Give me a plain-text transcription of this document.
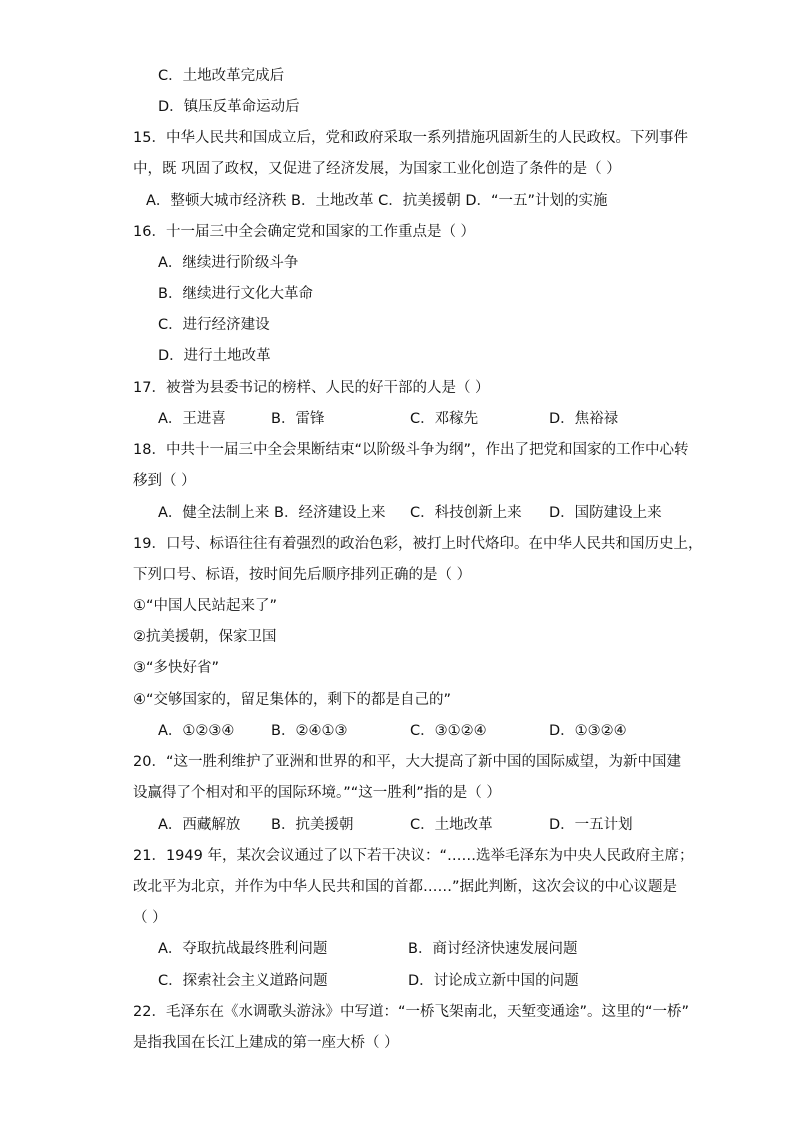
C．土地改革完成后
D．镇压反革命运动后
15．中华人民共和国成立后，党和政府采取一系列措施巩固新生的人民政权。下列事件
中，既 巩固了政权，又促进了经济发展，为国家工业化创造了条件的是（ ）
A．整顿大城市经济秩 B．土地改革 C．抗美援朝 D．“一五”计划的实施
16．十一届三中全会确定党和国家的工作重点是（ ）
A．继续进行阶级斗争
B．继续进行文化大革命
C．进行经济建设
D．进行土地改革
17．被誉为县委书记的榜样、人民的好干部的人是（ ）
A．王进喜	B．雷锋	C．邓稼先	D．焦裕禄
18．中共十一届三中全会果断结束“以阶级斗争为纲”，作出了把党和国家的工作中心转
移到（ ）
A．健全法制上来 B．经济建设上来 C．科技创新上来 D．国防建设上来
19．口号、标语往往有着强烈的政治色彩，被打上时代烙印。在中华人民共和国历史上，
下列口号、标语，按时间先后顺序排列正确的是（ ）
①“中国人民站起来了”
②抗美援朝，保家卫国
③“多快好省”
④“交够国家的，留足集体的，剩下的都是自己的”
A．①②③④	B．②④①③	C．③①②④	D．①③②④
20．“这一胜利维护了亚洲和世界的和平，大大提高了新中国的国际威望，为新中国建
设赢得了个相对和平的国际环境。”“这一胜利”指的是（ ）
A．西藏解放 B．抗美援朝	C．土地改革	D．一五计划
21．1949 年，某次会议通过了以下若干决议：“……选举毛泽东为中央人民政府主席；
改北平为北京，并作为中华人民共和国的首都……”据此判断，这次会议的中心议题是
（ ）
A．夺取抗战最终胜利问题	B．商讨经济快速发展问题
C．探索社会主义道路问题	D．讨论成立新中国的问题
22．毛泽东在《水调歌头游泳》中写道：“一桥飞架南北，天堑变通途”。这里的“一桥”
是指我国在长江上建成的第一座大桥（ ）
